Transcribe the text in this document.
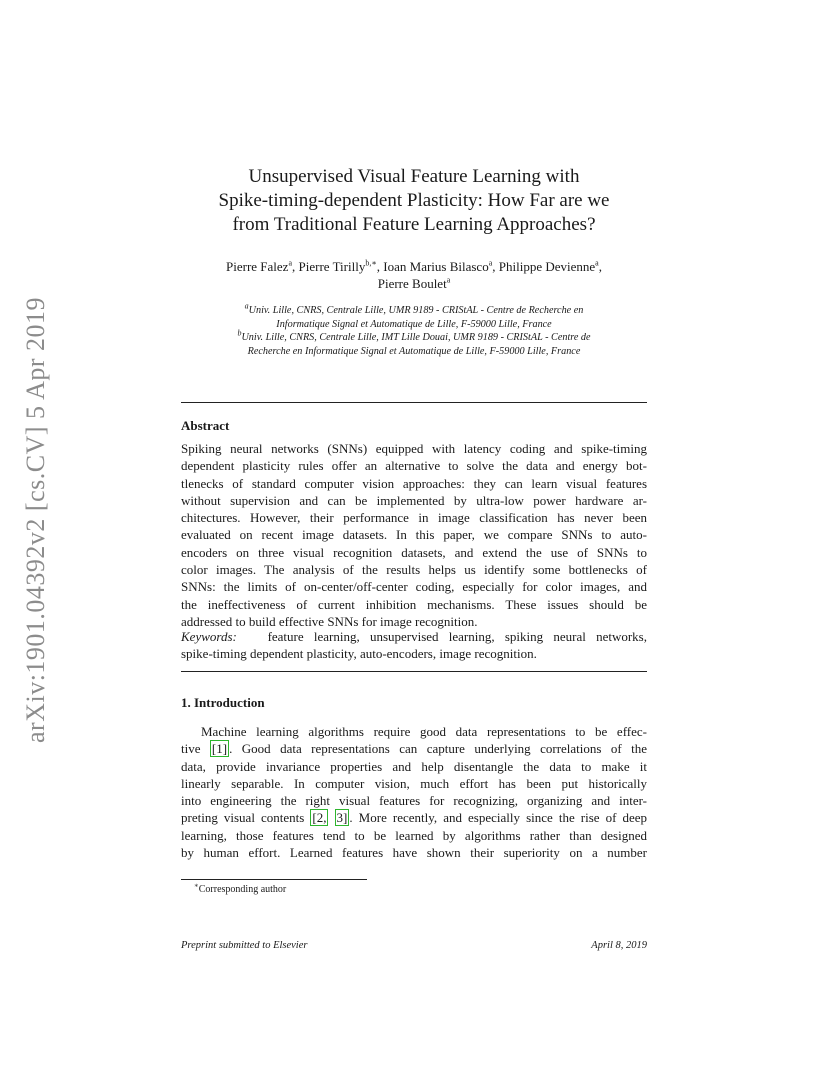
arXiv:1901.04392v2 [cs.CV] 5 Apr 2019
Unsupervised Visual Feature Learning with
Spike-timing-dependent Plasticity: How Far are we
from Traditional Feature Learning Approaches?
Pierre Falez$^a$, Pierre Tirilly$^{b,∗}$, Ioan Marius Bilasco$^a$, Philippe Devienne$^a$,
Pierre Boulet$^a$
$^a$Univ. Lille, CNRS, Centrale Lille, UMR 9189 - CRIStAL - Centre de Recherche en
Informatique Signal et Automatique de Lille, F-59000 Lille, France
$^b$Univ. Lille, CNRS, Centrale Lille, IMT Lille Douai, UMR 9189 - CRIStAL - Centre de
Recherche en Informatique Signal et Automatique de Lille, F-59000 Lille, France
Abstract
Spiking neural networks (SNNs) equipped with latency coding and spike-timing
dependent plasticity rules offer an alternative to solve the data and energy bot-
tlenecks of standard computer vision approaches: they can learn visual features
without supervision and can be implemented by ultra-low power hardware ar-
chitectures. However, their performance in image classification has never been
evaluated on recent image datasets. In this paper, we compare SNNs to auto-
encoders on three visual recognition datasets, and extend the use of SNNs to
color images. The analysis of the results helps us identify some bottlenecks of
SNNs: the limits of on-center/off-center coding, especially for color images, and
the ineffectiveness of current inhibition mechanisms. These issues should be
addressed to build effective SNNs for image recognition.
Keywords: feature learning, unsupervised learning, spiking neural networks,
spike-timing dependent plasticity, auto-encoders, image recognition.
1. Introduction
Machine learning algorithms require good data representations to be effec-
tive [1] . Good data representations can capture underlying correlations of the
data, provide invariance properties and help disentangle the data to make it
linearly separable. In computer vision, much effort has been put historically
into engineering the right visual features for recognizing, organizing and inter-
preting visual contents [2, 3] . More recently, and especially since the rise of deep
learning, those features tend to be learned by algorithms rather than designed
by human effort. Learned features have shown their superiority on a number
∗Corresponding author
Preprint submitted to Elsevier	April 8, 2019
